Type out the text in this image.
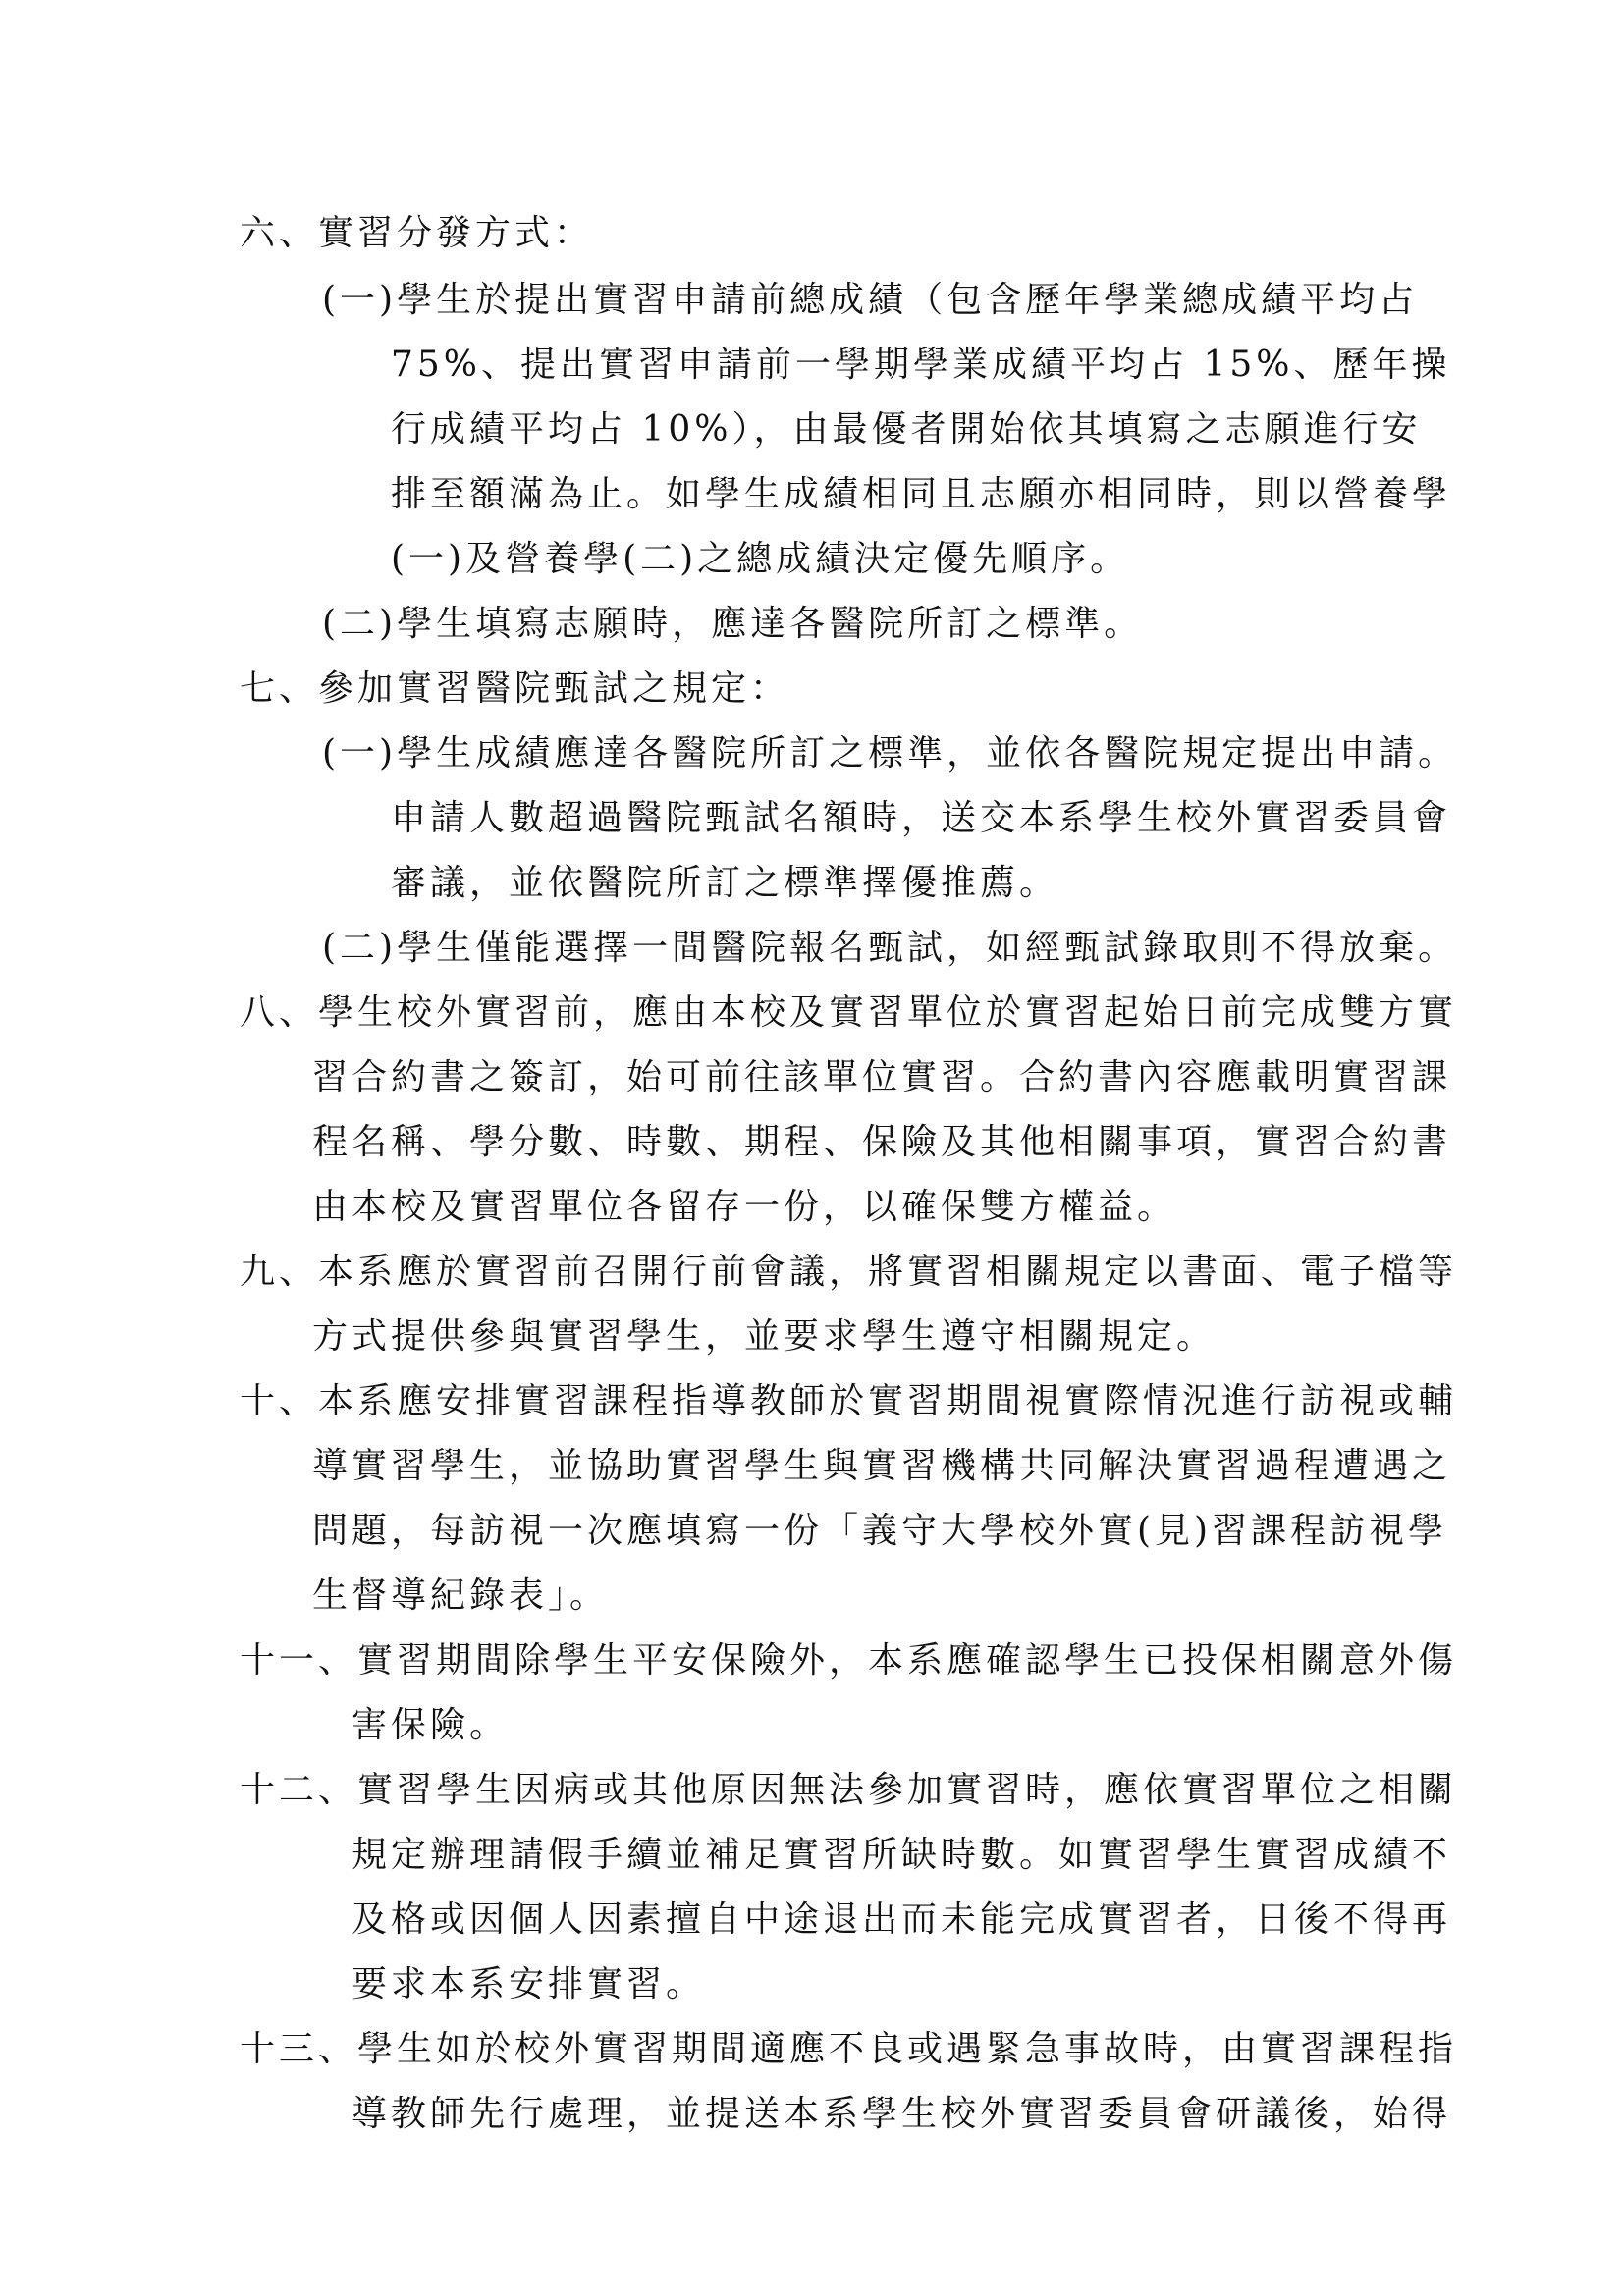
六、實習分發方式：
(一)學生於提出實習申請前總成績（包含歷年學業總成績平均占
75%、提出實習申請前一學期學業成績平均占 15%、歷年操
行成績平均占 10%），由最優者開始依其填寫之志願進行安
排至額滿為止。如學生成績相同且志願亦相同時，則以營養學
(一)及營養學(二)之總成績決定優先順序。
(二)學生填寫志願時，應達各醫院所訂之標準。
七、參加實習醫院甄試之規定：
(一)學生成績應達各醫院所訂之標準，並依各醫院規定提出申請。
申請人數超過醫院甄試名額時，送交本系學生校外實習委員會
審議，並依醫院所訂之標準擇優推薦。
(二)學生僅能選擇一間醫院報名甄試，如經甄試錄取則不得放棄。
八、學生校外實習前，應由本校及實習單位於實習起始日前完成雙方實
習合約書之簽訂，始可前往該單位實習。合約書內容應載明實習課
程名稱、學分數、時數、期程、保險及其他相關事項，實習合約書
由本校及實習單位各留存一份，以確保雙方權益。
九、本系應於實習前召開行前會議，將實習相關規定以書面、電子檔等
方式提供參與實習學生，並要求學生遵守相關規定。
十、本系應安排實習課程指導教師於實習期間視實際情況進行訪視或輔
導實習學生，並協助實習學生與實習機構共同解決實習過程遭遇之
問題，每訪視一次應填寫一份「義守大學校外實(見)習課程訪視學
生督導紀錄表」。
十一、實習期間除學生平安保險外，本系應確認學生已投保相關意外傷
害保險。
十二、實習學生因病或其他原因無法參加實習時，應依實習單位之相關
規定辦理請假手續並補足實習所缺時數。如實習學生實習成績不
及格或因個人因素擅自中途退出而未能完成實習者，日後不得再
要求本系安排實習。
十三、學生如於校外實習期間適應不良或遇緊急事故時，由實習課程指
導教師先行處理，並提送本系學生校外實習委員會研議後，始得
